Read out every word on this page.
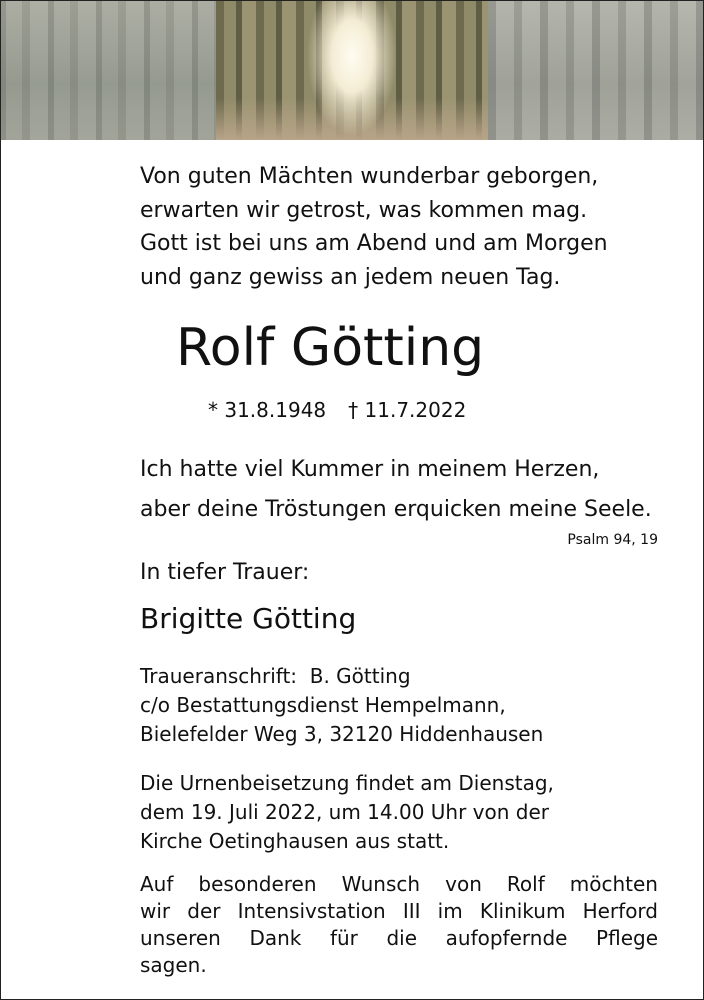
Von guten Mächten wunderbar geborgen,
erwarten wir getrost, was kommen mag.
Gott ist bei uns am Abend und am Morgen
und ganz gewiss an jedem neuen Tag.
Rolf Götting
* 31.8.1948 † 11.7.2022
Ich hatte viel Kummer in meinem Herzen,
aber deine Tröstungen erquicken meine Seele.
Psalm 94, 19
In tiefer Trauer:
Brigitte Götting
Traueranschrift:  B. Götting
c/o Bestattungsdienst Hempelmann,
Bielefelder Weg 3, 32120 Hiddenhausen
Die Urnenbeisetzung findet am Dienstag,
dem 19. Juli 2022, um 14.00 Uhr von der
Kirche Oetinghausen aus statt.
Auf besonderen Wunsch von Rolf möchten
wir der Intensivstation III im Klinikum Herford
unseren Dank für die aufopfernde Pflege
sagen.
